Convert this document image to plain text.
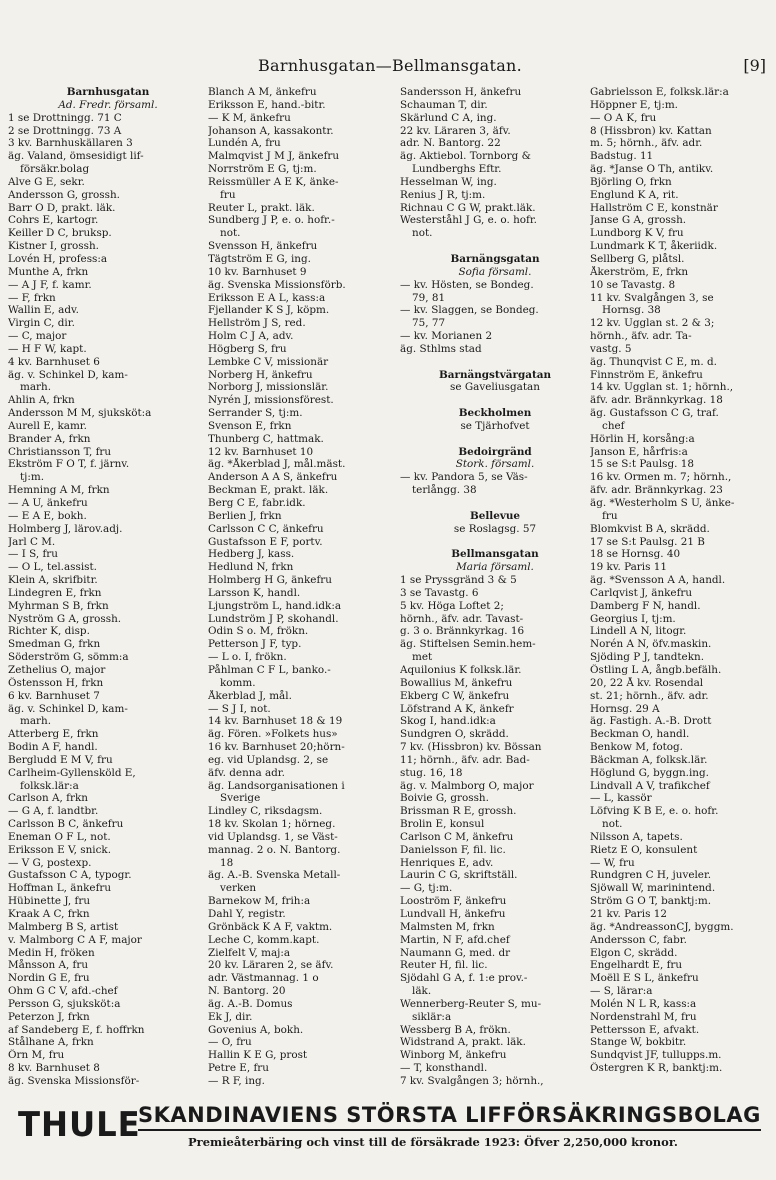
Barnhusgatan—Bellmansgatan.	[9]
Barnhusgatan
Ad. Fredr. församl.
1 se Drottningg. 71 C
2 se Drottningg. 73 A
3 kv. Barnhuskällaren 3
äg. Valand, ömsesidigt lif-
försäkr.bolag
Alve G E, sekr.
Andersson G, grossh.
Barr O D, prakt. läk.
Cohrs E, kartogr.
Keiller D C, bruksp.
Kistner I, grossh.
Lovén H, profess:a
Munthe A, frkn
— A J F, f. kamr.
— F, frkn
Wallin E, adv.
Virgin C, dir.
— C, major
— H F W, kapt.
4 kv. Barnhuset 6
äg. v. Schinkel D, kam-
marh.
Ahlin A, frkn
Andersson M M, sjuksköt:a
Aurell E, kamr.
Brander A, frkn
Christiansson T, fru
Ekström F O T, f. järnv.
tj:m.
Hemning A M, frkn
— A U, änkefru
— E A E, bokh.
Holmberg J, lärov.adj.
Jarl C M.
— I S, fru
— O L, tel.assist.
Klein A, skrifbitr.
Lindegren E, frkn
Myhrman S B, frkn
Nyström G A, grossh.
Richter K, disp.
Smedman G, frkn
Söderström G, sömm:a
Zethelius O, major
Östensson H, frkn
6 kv. Barnhuset 7
äg. v. Schinkel D, kam-
marh.
Atterberg E, frkn
Bodin A F, handl.
Bergludd E M V, fru
Carlheim-Gyllensköld E,
folksk.lär:a
Carlson A, frkn
— G A, f. landtbr.
Carlsson B C, änkefru
Eneman O F L, not.
Eriksson E V, snick.
— V G, postexp.
Gustafsson C A, typogr.
Hoffman L, änkefru
Hübinette J, fru
Kraak A C, frkn
Malmberg B S, artist
v. Malmborg C A F, major
Medin H, fröken
Månsson A, fru
Nordin G E, fru
Ohm G C V, afd.-chef
Persson G, sjuksköt:a
Peterzon J, frkn
af Sandeberg E, f. hoffrkn
Stålhane A, frkn
Örn M, fru
8 kv. Barnhuset 8
äg. Svenska Missionsför-
Blanch A M, änkefru
Eriksson E, hand.-bitr.
— K M, änkefru
Johanson A, kassakontr.
Lundén A, fru
Malmqvist J M J, änkefru
Norrström E G, tj:m.
Reissmüller A E K, änke-
fru
Reuter L, prakt. läk.
Sundberg J P, e. o. hofr.-
not.
Svensson H, änkefru
Tägtström E G, ing.
10 kv. Barnhuset 9
äg. Svenska Missionsförb.
Eriksson E A L, kass:a
Fjellander K S J, köpm.
Hellström J S, red.
Holm C J A, adv.
Högberg S, fru
Lembke C V, missionär
Norberg H, änkefru
Norborg J, missionslär.
Nyrén J, missionsförest.
Serrander S, tj:m.
Svenson E, frkn
Thunberg C, hattmak.
12 kv. Barnhuset 10
äg. *Åkerblad J, mål.mäst.
Anderson A A S, änkefru
Beckman E, prakt. läk.
Berg C E, fabr.idk.
Berlien J, frkn
Carlsson C C, änkefru
Gustafsson E F, portv.
Hedberg J, kass.
Hedlund N, frkn
Holmberg H G, änkefru
Larsson K, handl.
Ljungström L, hand.idk:a
Lundström J P, skohandl.
Odin S o. M, frökn.
Petterson J F, typ.
— L o. I, frökn.
Påhlman C F L, banko.-
komm.
Åkerblad J, mål.
— S J I, not.
14 kv. Barnhuset 18 & 19
äg. Fören. »Folkets hus»
16 kv. Barnhuset 20;hörn-
eg. vid Uplandsg. 2, se
äfv. denna adr.
äg. Landsorganisationen i
Sverige
Lindley C, riksdagsm.
18 kv. Skolan 1; hörneg.
vid Uplandsg. 1, se Väst-
mannag. 2 o. N. Bantorg.
18
äg. A.-B. Svenska Metall-
verken
Barnekow M, frih:a
Dahl Y, registr.
Grönbäck K A F, vaktm.
Leche C, komm.kapt.
Zielfelt V, maj:a
20 kv. Läraren 2, se äfv.
adr. Västmannag. 1 o
N. Bantorg. 20
äg. A.-B. Domus
Ek J, dir.
Govenius A, bokh.
— O, fru
Hallin K E G, prost
Petre E, fru
— R F, ing.
Sandersson H, änkefru
Schauman T, dir.
Skärlund C A, ing.
22 kv. Läraren 3, äfv.
adr. N. Bantorg. 22
äg. Aktiebol. Tornborg &
Lundberghs Eftr.
Hesselman W, ing.
Renius J R, tj:m.
Richnau C G W, prakt.läk.
Westerståhl J G, e. o. hofr.
not.

Barnängsgatan
Sofia församl.
— kv. Hösten, se Bondeg.
79, 81
— kv. Slaggen, se Bondeg.
75, 77
— kv. Morianen 2
äg. Sthlms stad

Barnängstvärgatan
se Gaveliusgatan

Beckholmen
se Tjärhofvet

Bedoirgränd
Stork. församl.
— kv. Pandora 5, se Väs-
terlångg. 38

Bellevue
se Roslagsg. 57

Bellmansgatan
Maria församl.
1 se Pryssgränd 3 & 5
3 se Tavastg. 6
5 kv. Höga Loftet 2;
hörnh., äfv. adr. Tavast-
g. 3 o. Brännkyrkag. 16
äg. Stiftelsen Semin.hem-
met
Aquilonius K folksk.lär.
Bowallius M, änkefru
Ekberg C W, änkefru
Löfstrand A K, änkefr
Skog I, hand.idk:a
Sundgren O, skrädd.
7 kv. (Hissbron) kv. Bössan
11; hörnh., äfv. adr. Bad-
stug. 16, 18
äg. v. Malmborg O, major
Boivie G, grossh.
Brissman R E, grossh.
Brolin E, konsul
Carlson C M, änkefru
Danielsson F, fil. lic.
Henriques E, adv.
Laurin C G, skriftställ.
— G, tj:m.
Looström F, änkefru
Lundvall H, änkefru
Malmsten M, frkn
Martin, N F, afd.chef
Naumann G, med. dr
Reuter H, fil. lic.
Sjödahl G A, f. 1:e prov.-
läk.
Wennerberg-Reuter S, mu-
siklär:a
Wessberg B A, frökn.
Widstrand A, prakt. läk.
Winborg M, änkefru
— T, konsthandl.
7 kv. Svalgången 3; hörnh.,
Gabrielsson E, folksk.lär:a
Höppner E, tj:m.
— O A K, fru
8 (Hissbron) kv. Kattan
m. 5; hörnh., äfv. adr.
Badstug. 11
äg. *Janse O Th, antikv.
Björling O, frkn
Englund K A, rit.
Hallström C E, konstnär
Janse G A, grossh.
Lundborg K V, fru
Lundmark K T, åkeriidk.
Sellberg G, plåtsl.
Åkerström, E, frkn
10 se Tavastg. 8
11 kv. Svalgången 3, se
Hornsg. 38
12 kv. Ugglan st. 2 & 3;
hörnh., äfv. adr. Ta-
vastg. 5
äg. Thunqvist C E, m. d.
Finnström E, änkefru
14 kv. Ugglan st. 1; hörnh.,
äfv. adr. Brännkyrkag. 18
äg. Gustafsson C G, traf.
chef
Hörlin H, korsång:a
Janson E, hårfris:a
15 se S:t Paulsg. 18
16 kv. Ormen m. 7; hörnh.,
äfv. adr. Brännkyrkag. 23
äg. *Westerholm S U, änke-
fru
Blomkvist B A, skrädd.
17 se S:t Paulsg. 21 B
18 se Hornsg. 40
19 kv. Paris 11
äg. *Svensson A A, handl.
Carlqvist J, änkefru
Damberg F N, handl.
Georgius I, tj:m.
Lindell A N, litogr.
Norén A N, öfv.maskin.
Sjöding P J, tandtekn.
Östling L A, ångb.befälh.
20, 22 Å kv. Rosendal
st. 21; hörnh., äfv. adr.
Hornsg. 29 A
äg. Fastigh. A.-B. Drott
Beckman O, handl.
Benkow M, fotog.
Bäckman A, folksk.lär.
Höglund G, byggn.ing.
Lindvall A V, trafikchef
— L, kassör
Löfving K B E, e. o. hofr.
not.
Nilsson A, tapets.
Rietz E O, konsulent
— W, fru
Rundgren C H, juveler.
Sjöwall W, marinintend.
Ström G O T, banktj:m.
21 kv. Paris 12
äg. *AndreassonCJ, byggm.
Andersson C, fabr.
Elgon C, skrädd.
Engelhardt E, fru
Moëll E S L, änkefru
— S, lärar:a
Molén N L R, kass:a
Nordenstrahl M, fru
Pettersson E, afvakt.
Stange W, bokbitr.
Sundqvist JF, tullupps.m.
Östergren K R, banktj:m.
THULE
SKANDINAVIENS STÖRSTA LIFFÖRSÄKRINGSBOLAG
Premieåterbäring och vinst till de försäkrade 1923: Öfver 2,250,000 kronor.
